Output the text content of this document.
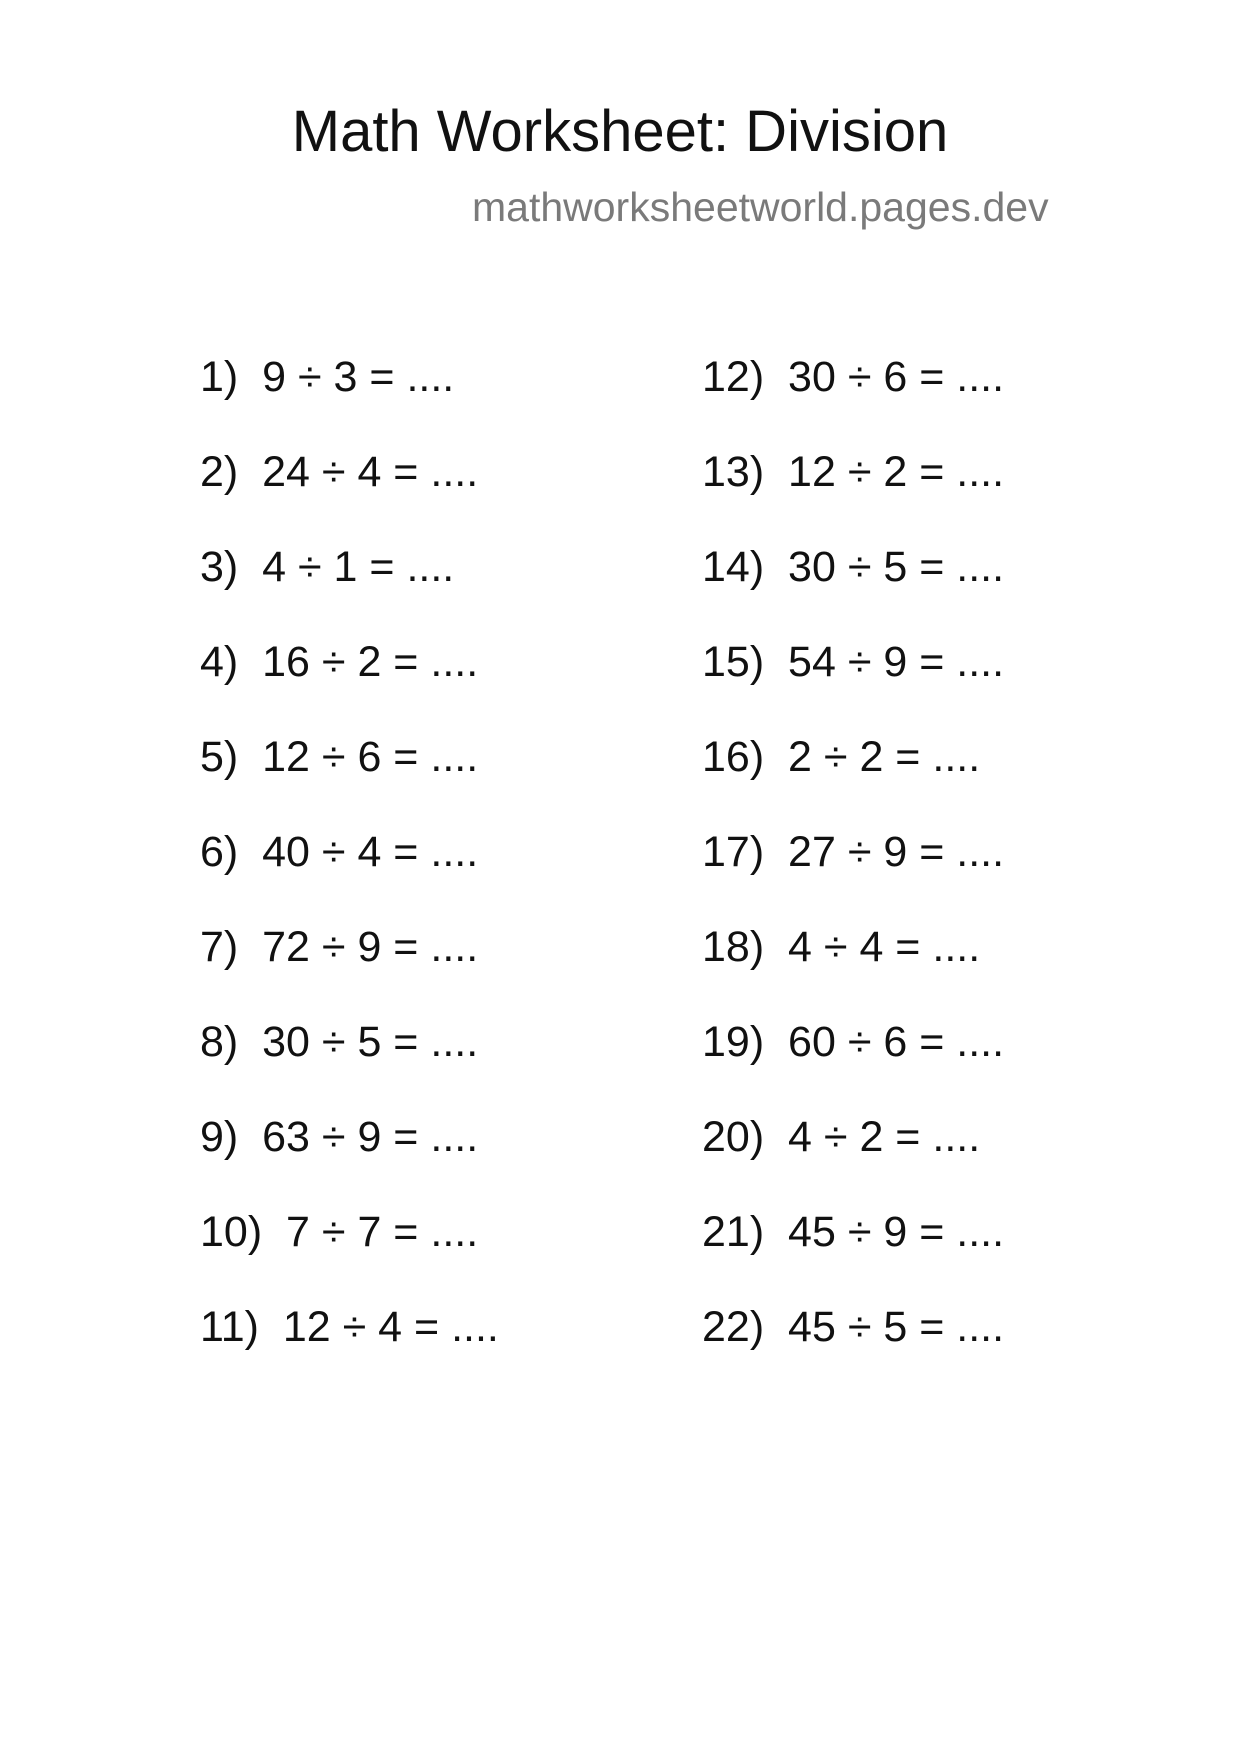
Math Worksheet: Division
mathworksheetworld.pages.dev
1)  9 ÷ 3 = ....
2)  24 ÷ 4 = ....
3)  4 ÷ 1 = ....
4)  16 ÷ 2 = ....
5)  12 ÷ 6 = ....
6)  40 ÷ 4 = ....
7)  72 ÷ 9 = ....
8)  30 ÷ 5 = ....
9)  63 ÷ 9 = ....
10)  7 ÷ 7 = ....
11)  12 ÷ 4 = ....
12)  30 ÷ 6 = ....
13)  12 ÷ 2 = ....
14)  30 ÷ 5 = ....
15)  54 ÷ 9 = ....
16)  2 ÷ 2 = ....
17)  27 ÷ 9 = ....
18)  4 ÷ 4 = ....
19)  60 ÷ 6 = ....
20)  4 ÷ 2 = ....
21)  45 ÷ 9 = ....
22)  45 ÷ 5 = ....
